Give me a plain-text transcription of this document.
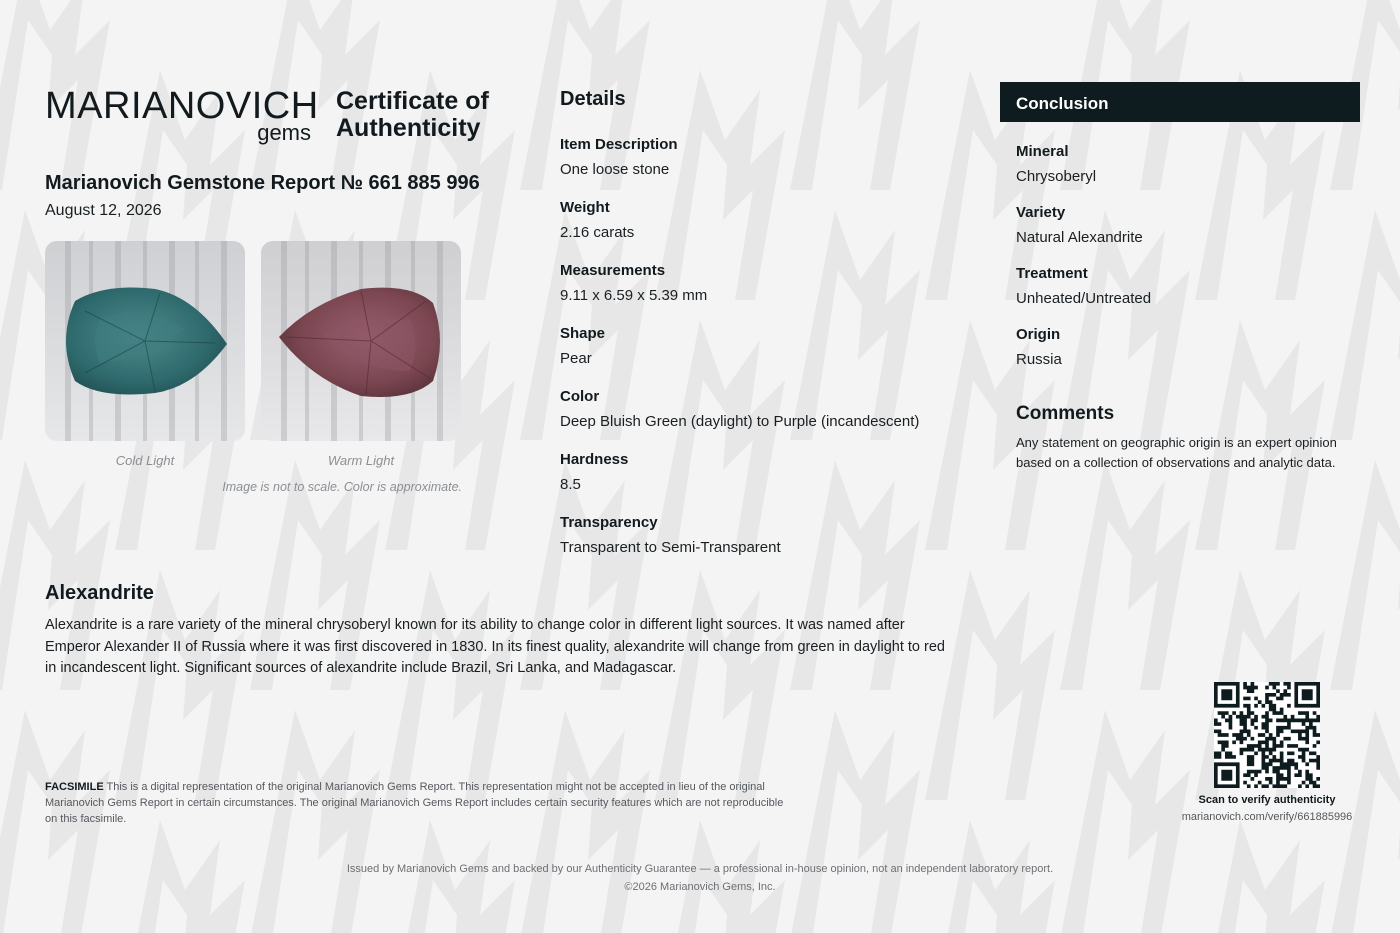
MARIANOVICH
gems
Certificate of
Authenticity
Marianovich Gemstone Report № 661 885 996
August 12, 2026
Cold Light	Warm Light
Image is not to scale. Color is approximate.
Details
Item Description
One loose stone
Weight
2.16 carats
Measurements
9.11 x 6.59 x 5.39 mm
Shape
Pear
Color
Deep Bluish Green (daylight) to Purple (incandescent)
Hardness
8.5
Transparency
Transparent to Semi-Transparent
Conclusion
Mineral
Chrysoberyl
Variety
Natural Alexandrite
Treatment
Unheated/Untreated
Origin
Russia
Comments
Any statement on geographic origin is an expert opinion based on a collection of observations and analytic data.
Alexandrite
Alexandrite is a rare variety of the mineral chrysoberyl known for its ability to change color in different light sources. It was named after Emperor Alexander II of Russia where it was first discovered in 1830. In its finest quality, alexandrite will change from green in daylight to red in incandescent light. Significant sources of alexandrite include Brazil, Sri Lanka, and Madagascar.
FACSIMILE This is a digital representation of the original Marianovich Gems Report. This representation might not be accepted in lieu of the original Marianovich Gems Report in certain circumstances. The original Marianovich Gems Report includes certain security features which are not reproducible on this facsimile.
Scan to verify authenticity
marianovich.com/verify/661885996
Issued by Marianovich Gems and backed by our Authenticity Guarantee — a professional in-house opinion, not an independent laboratory report.
©2026 Marianovich Gems, Inc.
